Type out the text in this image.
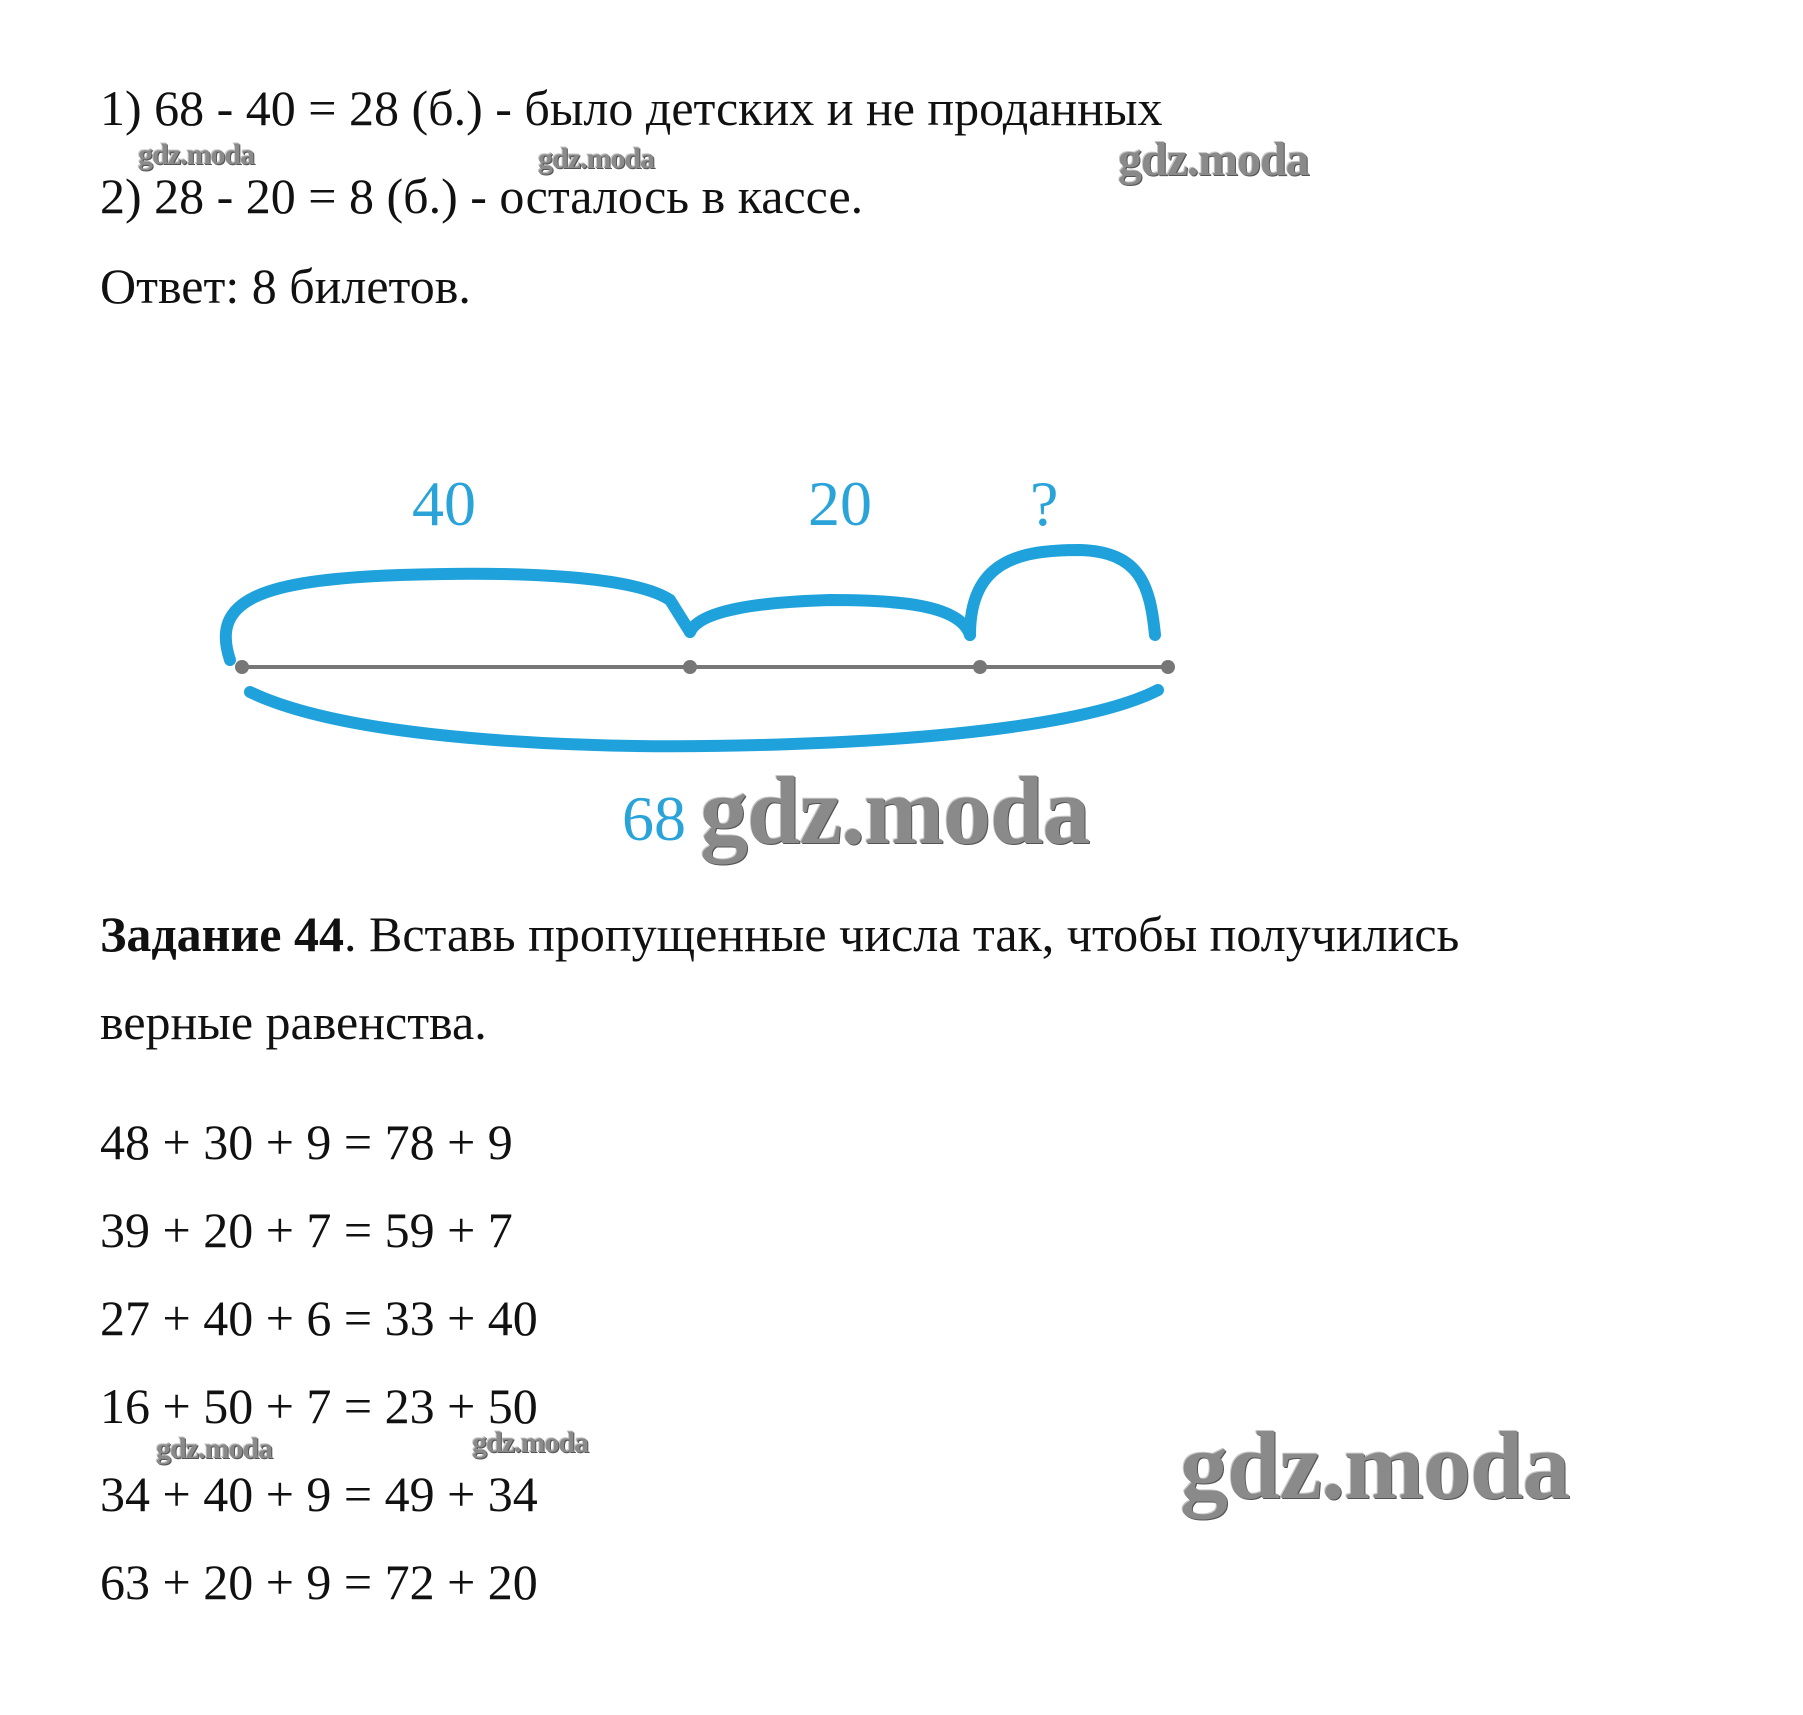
1) 68 - 40 = 28 (б.) - было детских и не проданных
2) 28 - 20 = 8 (б.) - осталось в кассе.
Ответ: 8 билетов.
40	20 ?
68
Задание 44. Вставь пропущенные числа так, чтобы получились
верные равенства.
48 + 30 + 9 = 78 + 9
39 + 20 + 7 = 59 + 7
27 + 40 + 6 = 33 + 40
16 + 50 + 7 = 23 + 50
34 + 40 + 9 = 49 + 34
63 + 20 + 9 = 72 + 20
gdz.moda	gdz.moda	gdz.moda
gdz.moda
gdz.moda	gdz.moda	gdz.moda
